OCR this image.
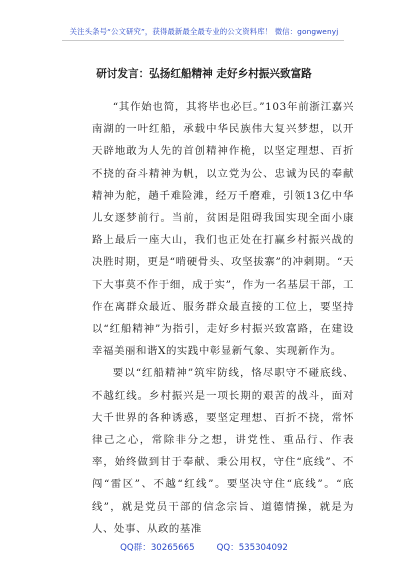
关注头条号“公文研究”，获得最新最全最专业的公文资料库！ 微信：gongwenyj
研讨发言：弘扬红船精神 走好乡村振兴致富路

“其作始也简，其将毕也必巨。”103年前浙江嘉兴南湖的一叶红船，承载中华民族伟大复兴梦想，以开天辟地敢为人先的首创精神作桅，以坚定理想、百折不挠的奋斗精神为帆，以立党为公、忠诚为民的奉献精神为舵，趟千难险滩，经万千磨难，引领13亿中华儿女逐梦前行。当前，贫困是阻碍我国实现全面小康路上最后一座大山，我们也正处在打赢乡村振兴战的决胜时期，更是“啃硬骨头、攻坚拔寨”的冲刺期。“天下大事莫不作于细，成于实”，作为一名基层干部，工作在离群众最近、服务群众最直接的工位上，要坚持以“红船精神”为指引，走好乡村振兴致富路，在建设幸福美丽和谐X的实践中彰显新气象、实现新作为。

要以“红船精神”筑牢防线，恪尽职守不碰底线、不越红线。乡村振兴是一项长期的艰苦的战斗，面对大千世界的各种诱惑，要坚定理想、百折不挠，常怀律己之心，常除非分之想，讲党性、重品行、作表率，始终做到甘于奉献、秉公用权，守住“底线”、不闯“雷区”、不越“红线”。要坚决守住“底线”。“底线”，就是党员干部的信念宗旨、道德情操，就是为人、处事、从政的基准

QQ群：30265665	QQ：535304092
